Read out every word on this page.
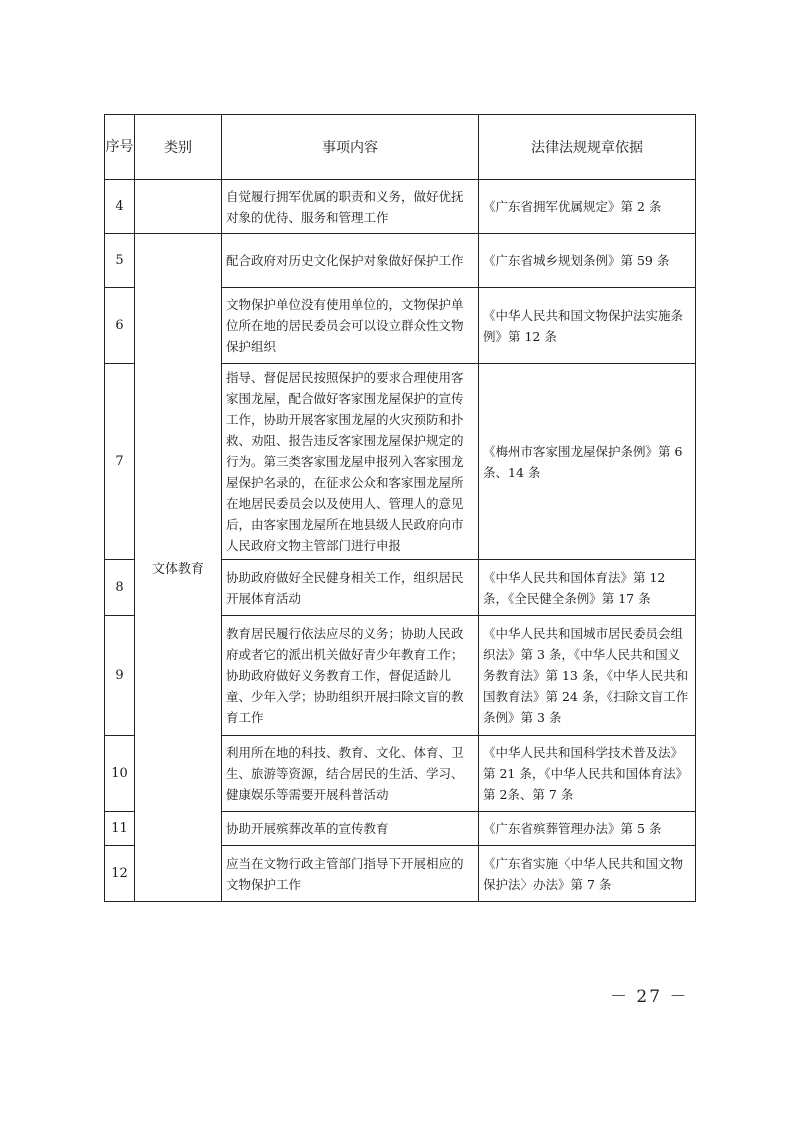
序号	类别	事项内容	法律法规规章依据
4		自觉履行拥军优属的职责和义务，做好优抚对象的优待、服务和管理工作	《广东省拥军优属规定》第 2 条
5	文体教育	配合政府对历史文化保护对象做好保护工作	《广东省城乡规划条例》第 59 条
6		文物保护单位没有使用单位的，文物保护单位所在地的居民委员会可以设立群众性文物保护组织	《中华人民共和国文物保护法实施条例》第 12 条
7		指导、督促居民按照保护的要求合理使用客家围龙屋，配合做好客家围龙屋保护的宣传工作，协助开展客家围龙屋的火灾预防和扑救、劝阻、报告违反客家围龙屋保护规定的行为。第三类客家围龙屋申报列入客家围龙屋保护名录的，在征求公众和客家围龙屋所在地居民委员会以及使用人、管理人的意见后，由客家围龙屋所在地县级人民政府向市人民政府文物主管部门进行申报	《梅州市客家围龙屋保护条例》第 6 条、14 条
8		协助政府做好全民健身相关工作，组织居民开展体育活动	《中华人民共和国体育法》第 12 条，《全民健全条例》第 17 条
9		教育居民履行依法应尽的义务；协助人民政府或者它的派出机关做好青少年教育工作；协助政府做好义务教育工作，督促适龄儿童、少年入学；协助组织开展扫除文盲的教育工作	《中华人民共和国城市居民委员会组织法》第 3 条，《中华人民共和国义务教育法》第 13 条，《中华人民共和国教育法》第 24 条，《扫除文盲工作条例》第 3 条
10		利用所在地的科技、教育、文化、体育、卫生、旅游等资源，结合居民的生活、学习、健康娱乐等需要开展科普活动	《中华人民共和国科学技术普及法》第 21 条，《中华人民共和国体育法》第 2条、第 7 条
11		协助开展殡葬改革的宣传教育	《广东省殡葬管理办法》第 5 条
12		应当在文物行政主管部门指导下开展相应的文物保护工作	《广东省实施〈中华人民共和国文物保护法〉办法》第 7 条
－ 27 －
